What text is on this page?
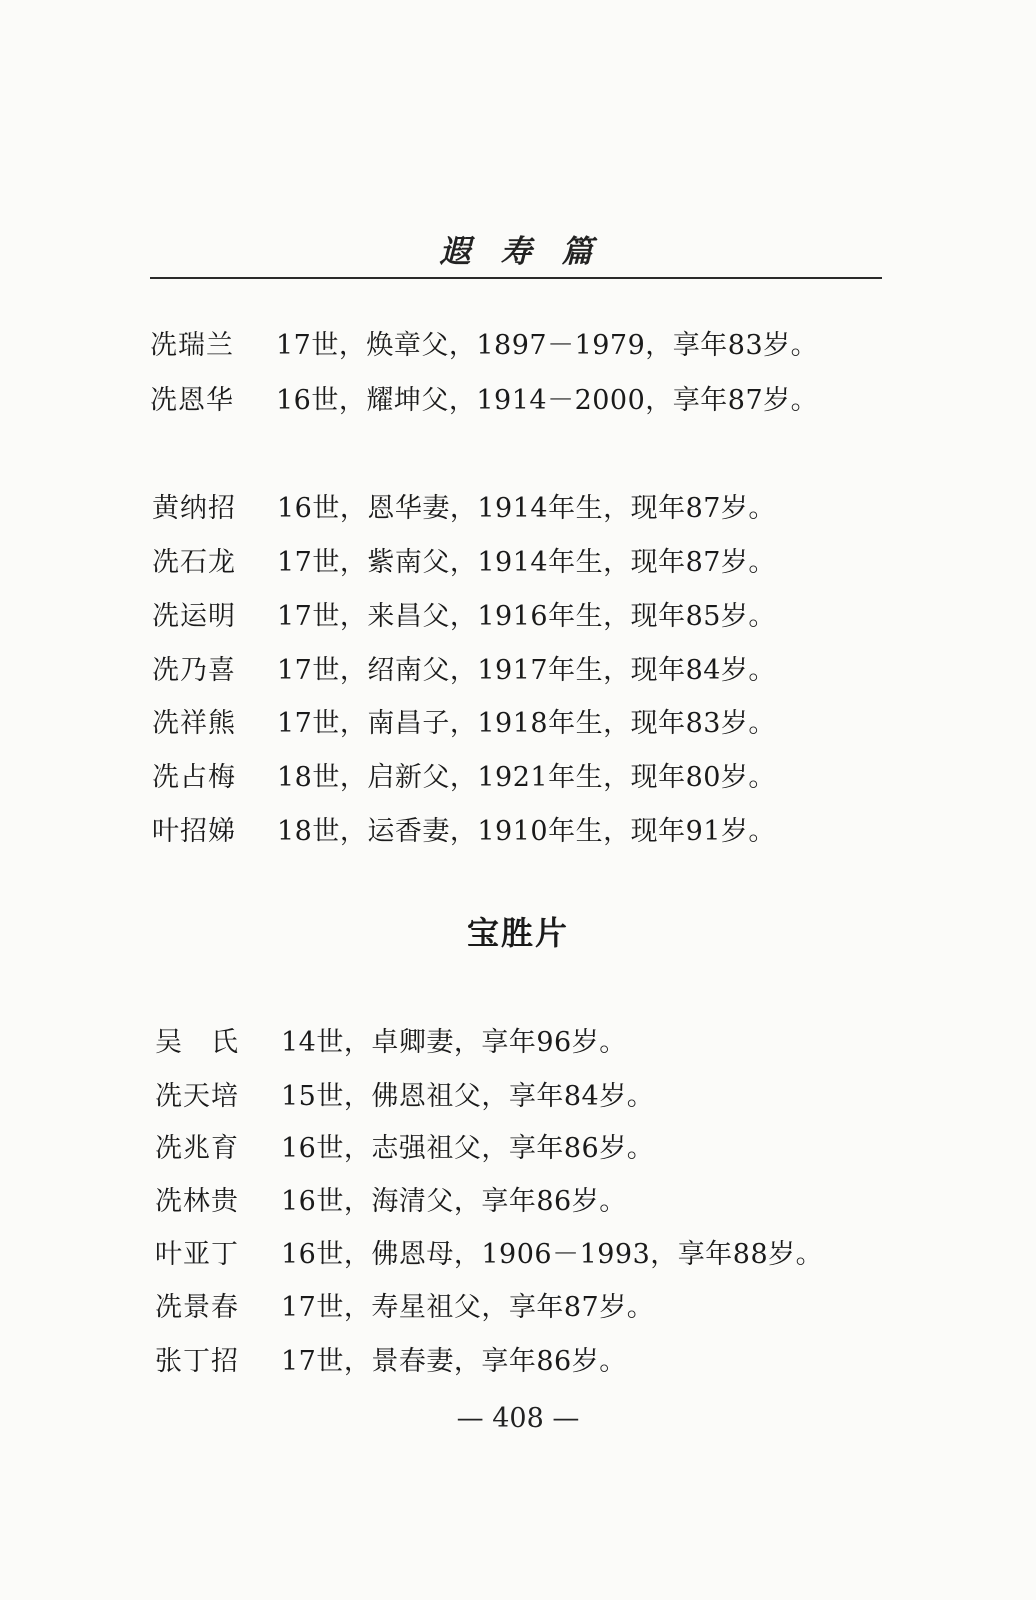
遐寿篇
冼瑞兰 17世，焕章父，1897－1979，享年83岁。
冼恩华 16世，耀坤父，1914－2000，享年87岁。
黄纳招 16世，恩华妻，1914年生，现年87岁。
冼石龙 17世，紫南父，1914年生，现年87岁。
冼运明 17世，来昌父，1916年生，现年85岁。
冼乃喜 17世，绍南父，1917年生，现年84岁。
冼祥熊 17世，南昌子，1918年生，现年83岁。
冼占梅 18世，启新父，1921年生，现年80岁。
叶招娣 18世，运香妻，1910年生，现年91岁。
宝胜片
吴　氏 14世，卓卿妻，享年96岁。
冼天培 15世，佛恩祖父，享年84岁。
冼兆育 16世，志强祖父，享年86岁。
冼林贵 16世，海清父，享年86岁。
叶亚丁 16世，佛恩母，1906－1993，享年88岁。
冼景春 17世，寿星祖父，享年87岁。
张丁招 17世，景春妻，享年86岁。
— 408 —
